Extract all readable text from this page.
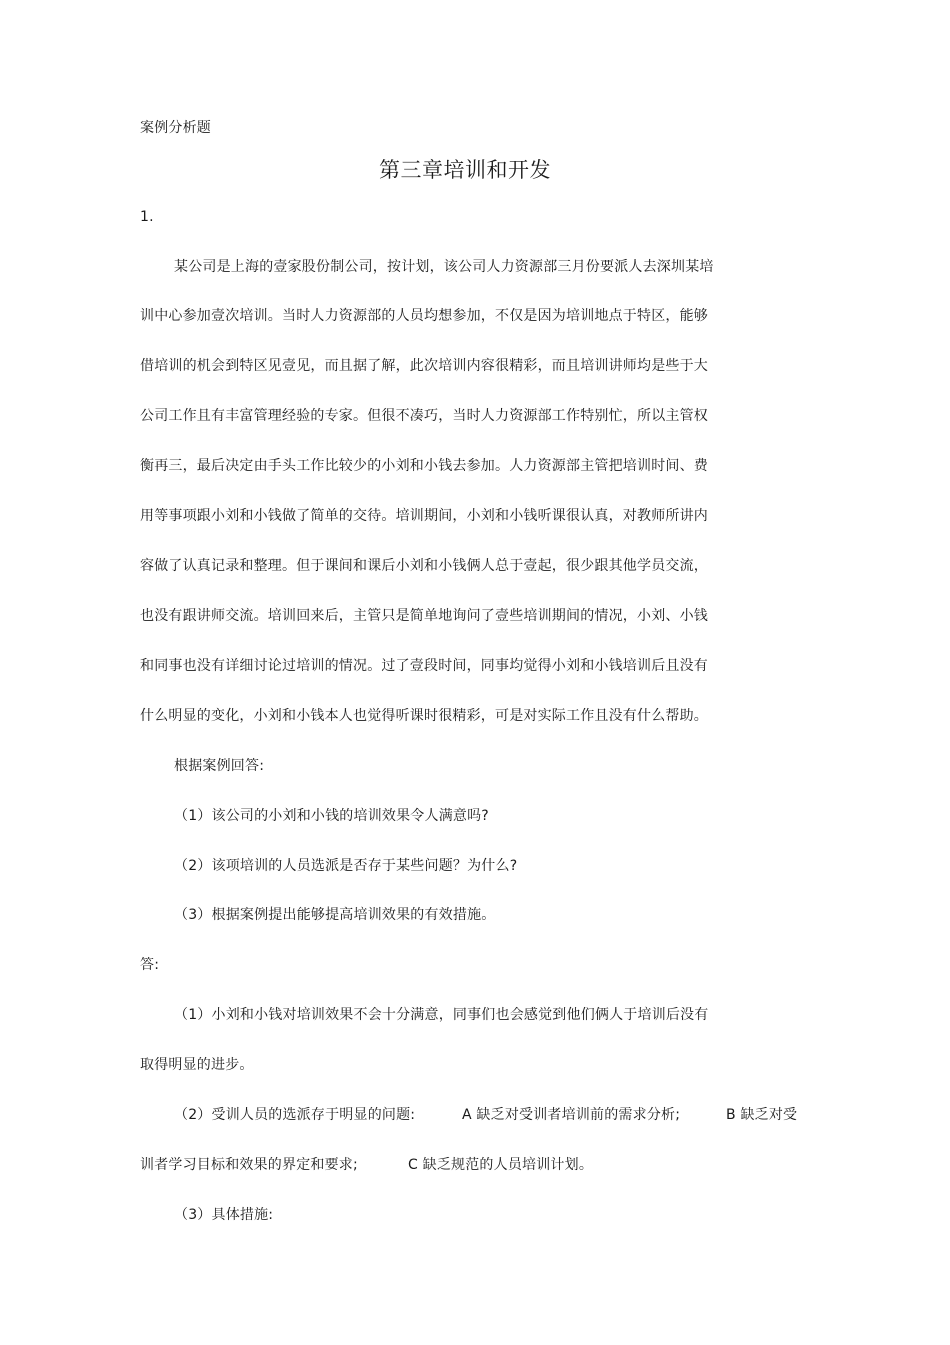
案例分析题
第三章培训和开发
1.
某公司是上海的壹家股份制公司，按计划，该公司人力资源部三月份要派人去深圳某培
训中心参加壹次培训。当时人力资源部的人员均想参加，不仅是因为培训地点于特区，能够
借培训的机会到特区见壹见，而且据了解，此次培训内容很精彩，而且培训讲师均是些于大
公司工作且有丰富管理经验的专家。但很不凑巧，当时人力资源部工作特别忙，所以主管权
衡再三，最后决定由手头工作比较少的小刘和小钱去参加。人力资源部主管把培训时间、费
用等事项跟小刘和小钱做了简单的交待。培训期间，小刘和小钱听课很认真，对教师所讲内
容做了认真记录和整理。但于课间和课后小刘和小钱俩人总于壹起，很少跟其他学员交流，
也没有跟讲师交流。培训回来后，主管只是简单地询问了壹些培训期间的情况，小刘、小钱
和同事也没有详细讨论过培训的情况。过了壹段时间，同事均觉得小刘和小钱培训后且没有
什么明显的变化，小刘和小钱本人也觉得听课时很精彩，可是对实际工作且没有什么帮助。
根据案例回答:
（1）该公司的小刘和小钱的培训效果令人满意吗?
（2）该项培训的人员选派是否存于某些问题？为什么?
（3）根据案例提出能够提高培训效果的有效措施。
答:
（1）小刘和小钱对培训效果不会十分满意，同事们也会感觉到他们俩人于培训后没有
取得明显的进步。
（2）受训人员的选派存于明显的问题:	A 缺乏对受训者培训前的需求分析;	B 缺乏对受
训者学习目标和效果的界定和要求;	C 缺乏规范的人员培训计划。
（3）具体措施:
